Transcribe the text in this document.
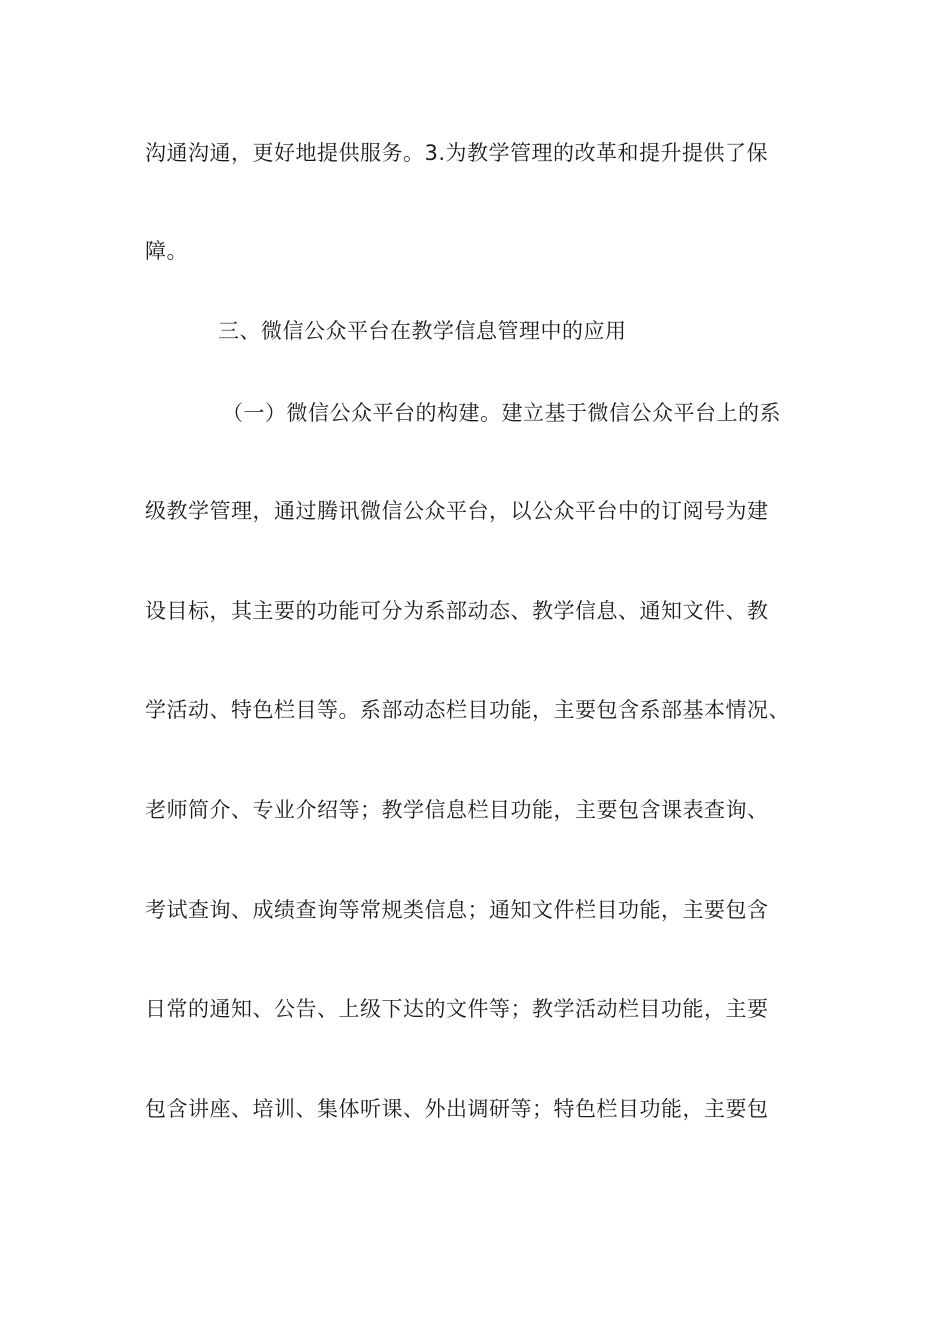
沟通沟通，更好地提供服务。3.为教学管理的改革和提升提供了保
障。
三、微信公众平台在教学信息管理中的应用
（一）微信公众平台的构建。建立基于微信公众平台上的系
级教学管理，通过腾讯微信公众平台，以公众平台中的订阅号为建
设目标，其主要的功能可分为系部动态、教学信息、通知文件、教
学活动、特色栏目等。系部动态栏目功能，主要包含系部基本情况、
老师简介、专业介绍等；教学信息栏目功能，主要包含课表查询、
考试查询、成绩查询等常规类信息；通知文件栏目功能，主要包含
日常的通知、公告、上级下达的文件等；教学活动栏目功能，主要
包含讲座、培训、集体听课、外出调研等；特色栏目功能，主要包
